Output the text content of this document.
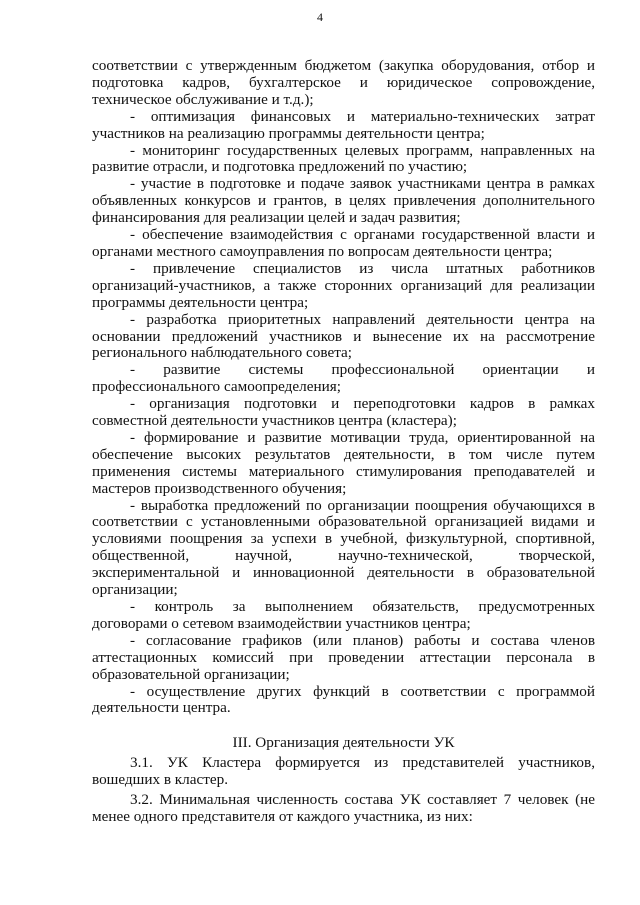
4

соответствии с утвержденным бюджетом (закупка оборудования, отбор и подготовка кадров, бухгалтерское и юридическое сопровождение, техническое обслуживание и т.д.);

- оптимизация финансовых и материально-технических затрат участников на реализацию программы деятельности центра;

- мониторинг государственных целевых программ, направленных на развитие отрасли, и подготовка предложений по участию;

- участие в подготовке и подаче заявок участниками центра в рамках объявленных конкурсов и грантов, в целях привлечения дополнительного финансирования для реализации целей и задач развития;

- обеспечение взаимодействия с органами государственной власти и органами местного самоуправления по вопросам деятельности центра;

- привлечение специалистов из числа штатных работников организаций-участников, а также сторонних организаций для реализации программы деятельности центра;

- разработка приоритетных направлений деятельности центра на основании предложений участников и вынесение их на рассмотрение регионального наблюдательного совета;

- развитие системы профессиональной ориентации и профессионального самоопределения;

- организация подготовки и переподготовки кадров в рамках совместной деятельности участников центра (кластера);

- формирование и развитие мотивации труда, ориентированной на обеспечение высоких результатов деятельности, в том числе путем применения системы материального стимулирования преподавателей и мастеров производственного обучения;

- выработка предложений по организации поощрения обучающихся в соответствии с установленными образовательной организацией видами и условиями поощрения за успехи в учебной, физкультурной, спортивной, общественной, научной, научно-технической, творческой, экспериментальной и инновационной деятельности в образовательной организации;

- контроль за выполнением обязательств, предусмотренных договорами о сетевом взаимодействии участников центра;

- согласование графиков (или планов) работы и состава членов аттестационных комиссий при проведении аттестации персонала в образовательной организации;

- осуществление других функций в соответствии с программой деятельности центра.

III. Организация деятельности УК

3.1. УК Кластера формируется из представителей участников, вошедших в кластер.

3.2. Минимальная численность состава УК составляет 7 человек (не менее одного представителя от каждого участника, из них:
